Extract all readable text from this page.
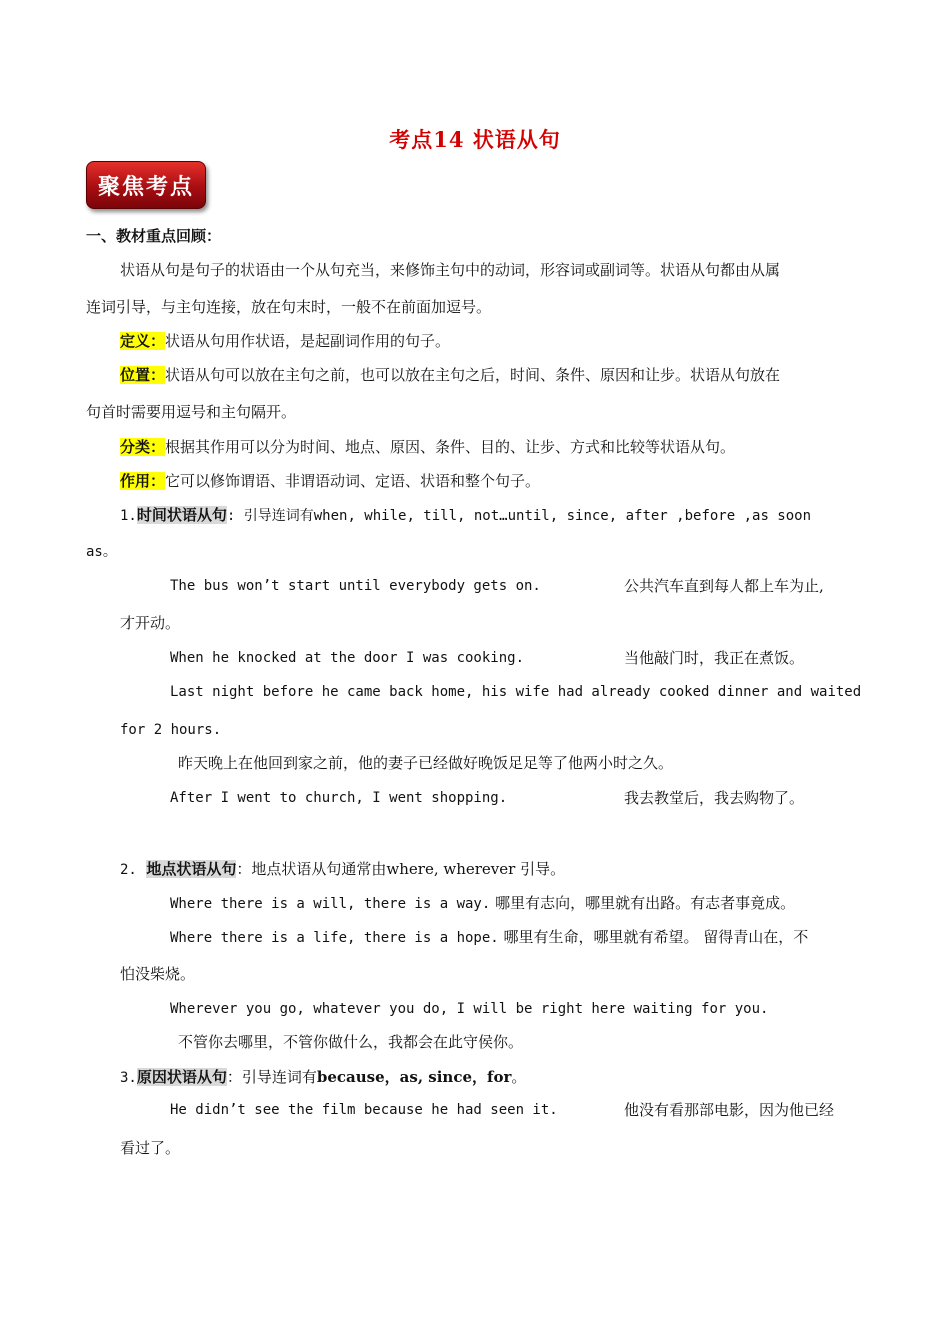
考点14 状语从句
聚焦考点
一、教材重点回顾：
状语从句是句子的状语由一个从句充当，来修饰主句中的动词，形容词或副词等。状语从句都由从属
连词引导，与主句连接，放在句末时，一般不在前面加逗号。
定义：状语从句用作状语，是起副词作用的句子。
位置：状语从句可以放在主句之前，也可以放在主句之后，时间、条件、原因和让步。状语从句放在
句首时需要用逗号和主句隔开。
分类：根据其作用可以分为时间、地点、原因、条件、目的、让步、方式和比较等状语从句。
作用：它可以修饰谓语、非谓语动词、定语、状语和整个句子。
1.时间状语从句: 引导连词有when, while, till, not…until, since, after ,before ,as soon
as。
The bus won’t start until everybody gets on.	公共汽车直到每人都上车为止,
才开动。
When he knocked at the door I was cooking.	当他敲门时，我正在煮饭。
Last night before he came back home, his wife had already cooked dinner and waited
for 2 hours.
昨天晚上在他回到家之前，他的妻子已经做好晚饭足足等了他两小时之久。
After I went to church, I went shopping.	我去教堂后，我去购物了。
2. 地点状语从句：地点状语从句通常由where, wherever 引导。
Where there is a will, there is a way. 哪里有志向，哪里就有出路。有志者事竟成。
Where there is a life, there is a hope. 哪里有生命，哪里就有希望。 留得青山在，不
怕没柴烧。
Wherever you go, whatever you do, I will be right here waiting for you.
不管你去哪里，不管你做什么，我都会在此守侯你。
3.原因状语从句：引导连词有because，as, since，for。
He didn’t see the film because he had seen it.	他没有看那部电影，因为他已经
看过了。
